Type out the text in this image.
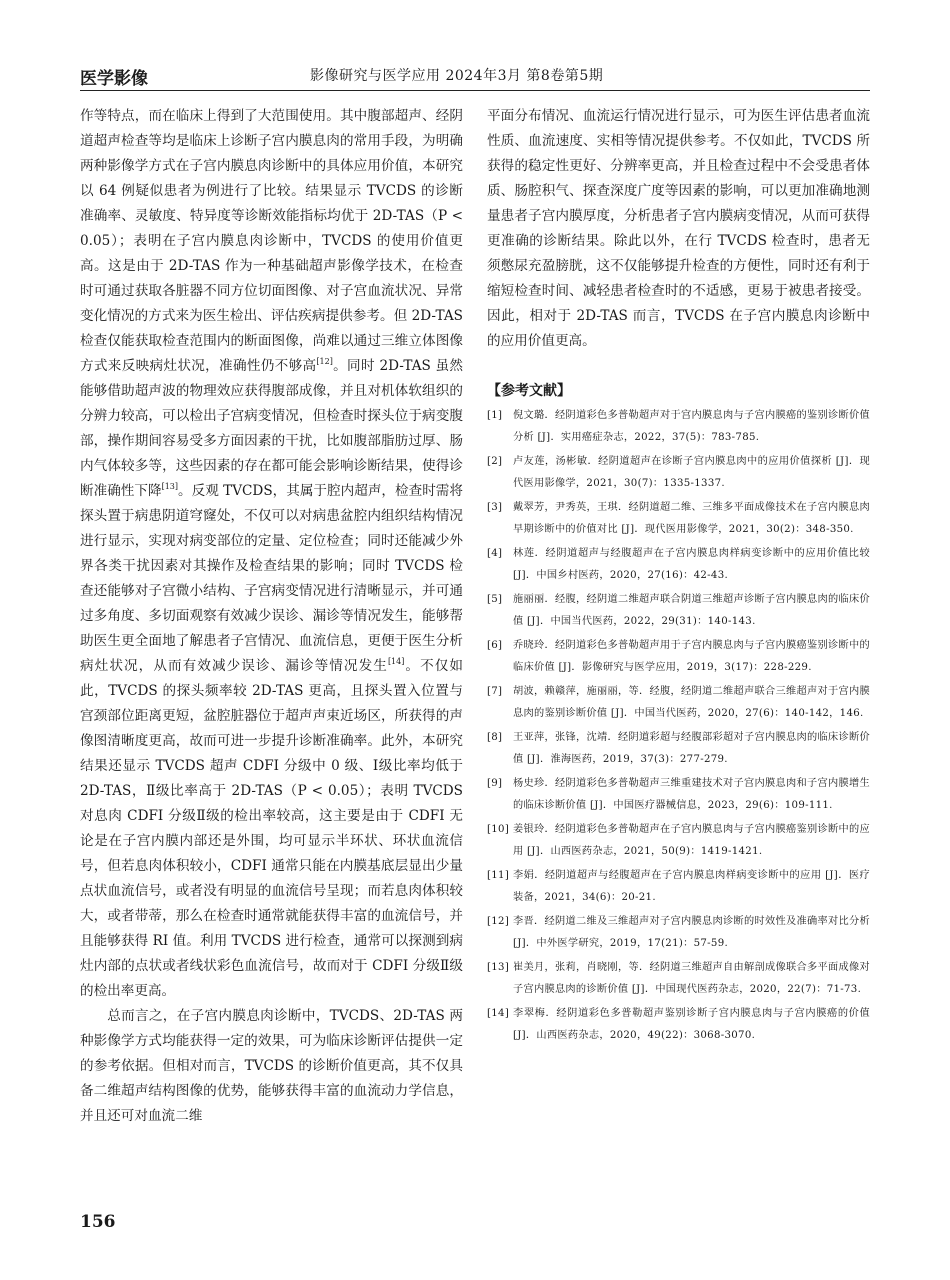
医学影像	影像研究与医学应用 2024年3月 第8卷第5期

作等特点，而在临床上得到了大范围使用。其中腹部超声、经阴道超声检查等均是临床上诊断子宫内膜息肉的常用手段，为明确两种影像学方式在子宫内膜息肉诊断中的具体应用价值，本研究以 64 例疑似患者为例进行了比较。结果显示 TVCDS 的诊断准确率、灵敏度、特异度等诊断效能指标均优于 2D-TAS（P < 0.05）；表明在子宫内膜息肉诊断中，TVCDS 的使用价值更高。这是由于 2D-TAS 作为一种基础超声影像学技术，在检查时可通过获取各脏器不同方位切面图像、对子宫血流状况、异常变化情况的方式来为医生检出、评估疾病提供参考。但 2D-TAS 检查仅能获取检查范围内的断面图像，尚难以通过三维立体图像方式来反映病灶状况，准确性仍不够高[12]。同时 2D-TAS 虽然能够借助超声波的物理效应获得腹部成像，并且对机体软组织的分辨力较高，可以检出子宫病变情况，但检查时探头位于病变腹部，操作期间容易受多方面因素的干扰，比如腹部脂肪过厚、肠内气体较多等，这些因素的存在都可能会影响诊断结果，使得诊断准确性下降[13]。反观 TVCDS，其属于腔内超声，检查时需将探头置于病患阴道穹窿处，不仅可以对病患盆腔内组织结构情况进行显示，实现对病变部位的定量、定位检查；同时还能减少外界各类干扰因素对其操作及检查结果的影响；同时 TVCDS 检查还能够对子宫微小结构、子宫病变情况进行清晰显示，并可通过多角度、多切面观察有效减少误诊、漏诊等情况发生，能够帮助医生更全面地了解患者子宫情况、血流信息，更便于医生分析病灶状况，从而有效减少误诊、漏诊等情况发生[14]。不仅如此，TVCDS 的探头频率较 2D-TAS 更高，且探头置入位置与宫颈部位距离更短，盆腔脏器位于超声声束近场区，所获得的声像图清晰度更高，故而可进一步提升诊断准确率。此外，本研究结果还显示 TVCDS 超声 CDFI 分级中 0 级、Ⅰ级比率均低于 2D-TAS，Ⅱ级比率高于 2D-TAS（P < 0.05）；表明 TVCDS 对息肉 CDFI 分级Ⅱ级的检出率较高，这主要是由于 CDFI 无论是在子宫内膜内部还是外围，均可显示半环状、环状血流信号，但若息肉体积较小，CDFI 通常只能在内膜基底层显出少量点状血流信号，或者没有明显的血流信号呈现；而若息肉体积较大，或者带蒂，那么在检查时通常就能获得丰富的血流信号，并且能够获得 RI 值。利用 TVCDS 进行检查，通常可以探测到病灶内部的点状或者线状彩色血流信号，故而对于 CDFI 分级Ⅱ级的检出率更高。

总而言之，在子宫内膜息肉诊断中，TVCDS、2D-TAS 两种影像学方式均能获得一定的效果，可为临床诊断评估提供一定的参考依据。但相对而言，TVCDS 的诊断价值更高，其不仅具备二维超声结构图像的优势，能够获得丰富的血流动力学信息，并且还可对血流二维

平面分布情况、血流运行情况进行显示，可为医生评估患者血流性质、血流速度、实相等情况提供参考。不仅如此，TVCDS 所获得的稳定性更好、分辨率更高，并且检查过程中不会受患者体质、肠腔积气、探查深度广度等因素的影响，可以更加准确地测量患者子宫内膜厚度，分析患者子宫内膜病变情况，从而可获得更准确的诊断结果。除此以外，在行 TVCDS 检查时，患者无须憋尿充盈膀胱，这不仅能够提升检查的方便性，同时还有利于缩短检查时间、减轻患者检查时的不适感，更易于被患者接受。因此，相对于 2D-TAS 而言，TVCDS 在子宫内膜息肉诊断中的应用价值更高。

【参考文献】
[1]	倪文璐．经阴道彩色多普勒超声对于宫内膜息肉与子宫内膜癌的鉴别诊断价值分析 [J]．实用癌症杂志，2022，37(5)：783-785.
[2]	卢友莲，汤彬敏．经阴道超声在诊断子宫内膜息肉中的应用价值探析 [J]．现代医用影像学，2021，30(7)：1335-1337.
[3]	戴翠芳，尹秀英，王琪．经阴道超二维、三维多平面成像技术在子宫内膜息肉早期诊断中的价值对比 [J]．现代医用影像学，2021，30(2)：348-350.
[4]	林莲．经阴道超声与经腹超声在子宫内膜息肉样病变诊断中的应用价值比较 [J]．中国乡村医药，2020，27(16)：42-43.
[5]	施丽丽．经腹，经阴道二维超声联合阴道三维超声诊断子宫内膜息肉的临床价值 [J]．中国当代医药，2022，29(31)：140-143.
[6]	乔晓玲．经阴道彩色多普勒超声用于子宫内膜息肉与子宫内膜癌鉴别诊断中的临床价值 [J]．影像研究与医学应用，2019，3(17)：228-229.
[7]	胡波，赖赣萍，施丽丽，等．经腹，经阴道二维超声联合三维超声对于宫内膜息肉的鉴别诊断价值 [J]．中国当代医药，2020，27(6)：140-142，146.
[8]	王亚萍，张锋，沈靖．经阴道彩超与经腹部彩超对子宫内膜息肉的临床诊断价值 [J]．淮海医药，2019，37(3)：277-279.
[9]	杨史珍．经阴道彩色多普勒超声三维重建技术对子宫内膜息肉和子宫内膜增生的临床诊断价值 [J]．中国医疗器械信息，2023，29(6)：109-111.
[10] 姜银玲．经阴道彩色多普勒超声在子宫内膜息肉与子宫内膜癌鉴别诊断中的应用 [J]．山西医药杂志，2021，50(9)：1419-1421.
[11] 李娟．经阴道超声与经腹超声在子宫内膜息肉样病变诊断中的应用 [J]．医疗装备，2021，34(6)：20-21.
[12] 李晋．经阴道二维及三维超声对子宫内膜息肉诊断的时效性及准确率对比分析 [J]．中外医学研究，2019，17(21)：57-59.
[13] 崔美月，张莉，肖晓刚，等．经阴道三维超声自由解剖成像联合多平面成像对子宫内膜息肉的诊断价值 [J]．中国现代医药杂志，2020，22(7)：71-73.
[14] 李翠梅．经阴道彩色多普勒超声鉴别诊断子宫内膜息肉与子宫内膜癌的价值 [J]．山西医药杂志，2020，49(22)：3068-3070.
156
